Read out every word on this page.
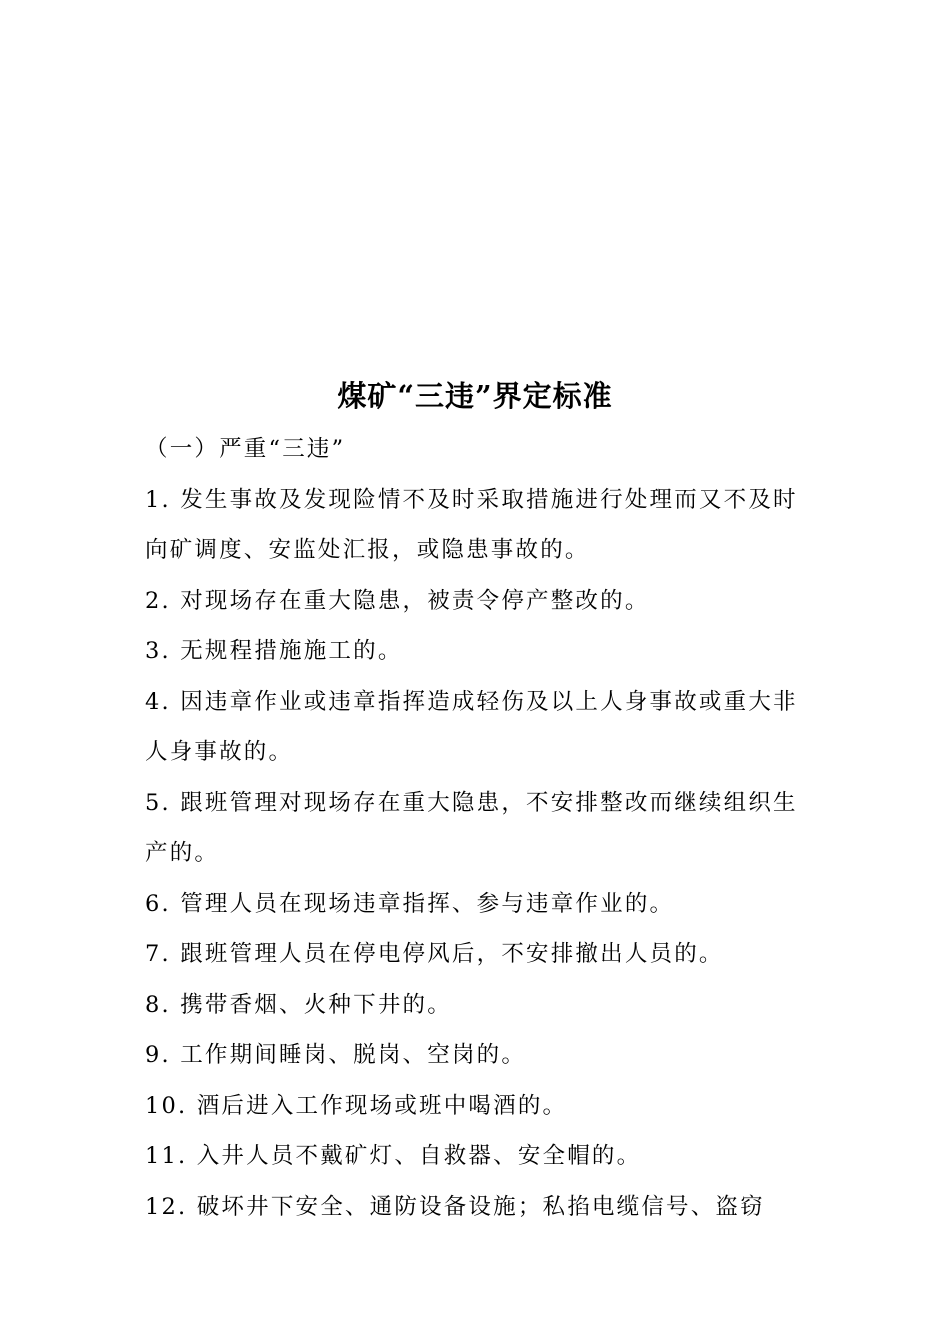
煤矿“三违”界定标准

（一）严重“三违”

1. 发生事故及发现险情不及时采取措施进行处理而又不及时向矿调度、安监处汇报，或隐患事故的。

2. 对现场存在重大隐患，被责令停产整改的。

3. 无规程措施施工的。

4. 因违章作业或违章指挥造成轻伤及以上人身事故或重大非人身事故的。

5. 跟班管理对现场存在重大隐患，不安排整改而继续组织生产的。

6. 管理人员在现场违章指挥、参与违章作业的。

7. 跟班管理人员在停电停风后，不安排撤出人员的。

8. 携带香烟、火种下井的。

9. 工作期间睡岗、脱岗、空岗的。

10. 酒后进入工作现场或班中喝酒的。

11. 入井人员不戴矿灯、自救器、安全帽的。

12. 破坏井下安全、通防设备设施；私掐电缆信号、盗窃
